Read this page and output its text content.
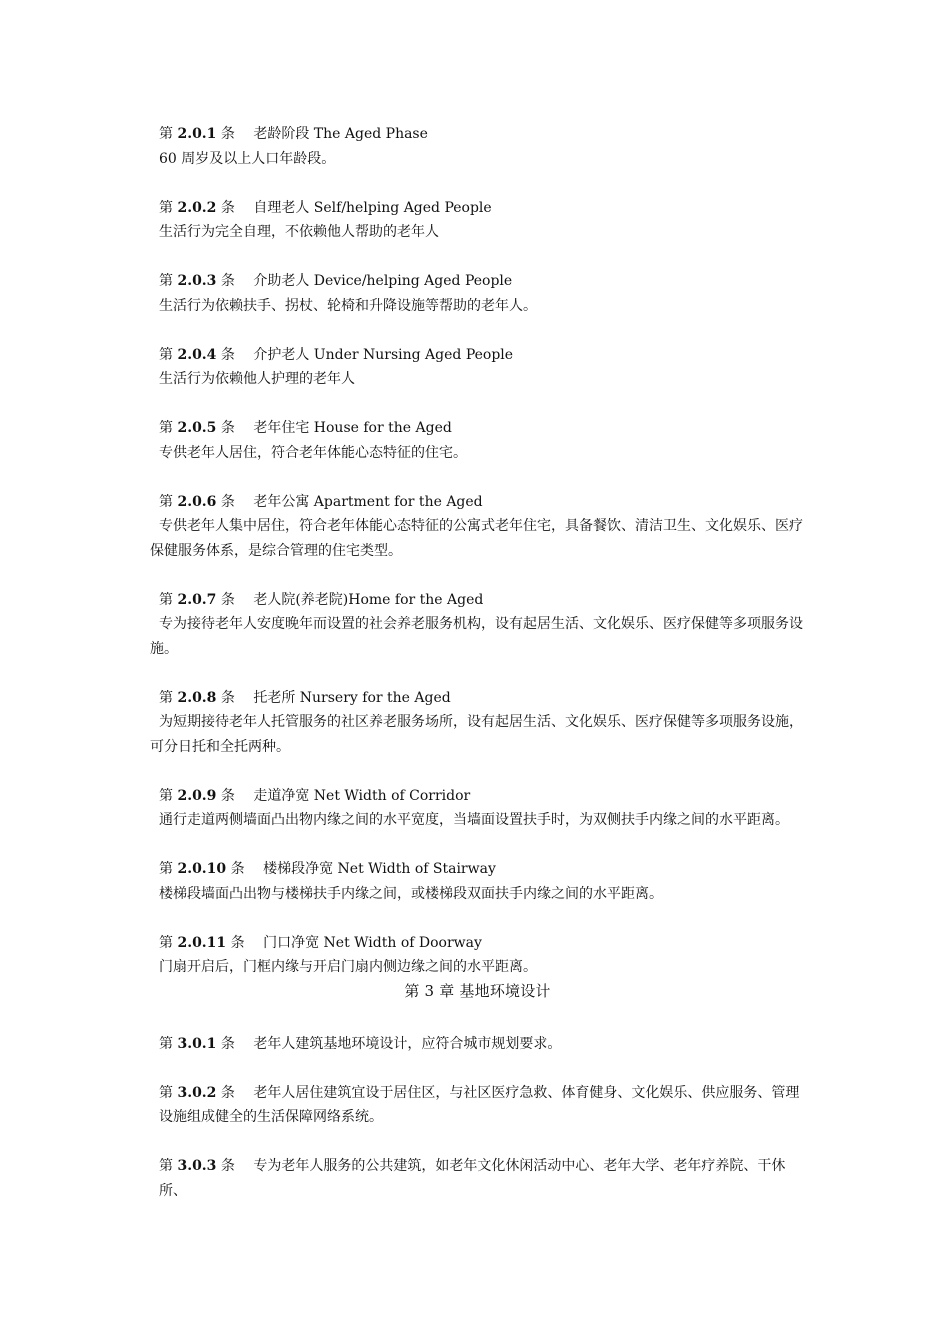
第 2.0.1 条 老龄阶段 The Aged Phase
60 周岁及以上人口年龄段。
第 2.0.2 条 自理老人 Self/helping Aged People
生活行为完全自理，不依赖他人帮助的老年人
第 2.0.3 条 介助老人 Device/helping Aged People
生活行为依赖扶手、拐杖、轮椅和升降设施等帮助的老年人。
第 2.0.4 条 介护老人 Under Nursing Aged People
生活行为依赖他人护理的老年人
第 2.0.5 条 老年住宅 House for the Aged
专供老年人居住，符合老年体能心态特征的住宅。
第 2.0.6 条 老年公寓 Apartment for the Aged
专供老年人集中居住，符合老年体能心态特征的公寓式老年住宅，具备餐饮、清洁卫生、文化娱乐、医疗保健服务体系，是综合管理的住宅类型。
第 2.0.7 条 老人院(养老院)Home for the Aged
专为接待老年人安度晚年而设置的社会养老服务机构，设有起居生活、文化娱乐、医疗保健等多项服务设施。
第 2.0.8 条 托老所 Nursery for the Aged
为短期接待老年人托管服务的社区养老服务场所，设有起居生活、文化娱乐、医疗保健等多项服务设施，可分日托和全托两种。
第 2.0.9 条 走道净宽 Net Width of Corridor
通行走道两侧墙面凸出物内缘之间的水平宽度，当墙面设置扶手时，为双侧扶手内缘之间的水平距离。
第 2.0.10 条 楼梯段净宽 Net Width of Stairway
楼梯段墙面凸出物与楼梯扶手内缘之间，或楼梯段双面扶手内缘之间的水平距离。
第 2.0.11 条 门口净宽 Net Width of Doorway
门扇开启后，门框内缘与开启门扇内侧边缘之间的水平距离。
第 3 章 基地环境设计
第 3.0.1 条 老年人建筑基地环境设计，应符合城市规划要求。
第 3.0.2 条 老年人居住建筑宜设于居住区，与社区医疗急救、体育健身、文化娱乐、供应服务、管理设施组成健全的生活保障网络系统。
第 3.0.3 条 专为老年人服务的公共建筑，如老年文化休闲活动中心、老年大学、老年疗养院、干休所、
